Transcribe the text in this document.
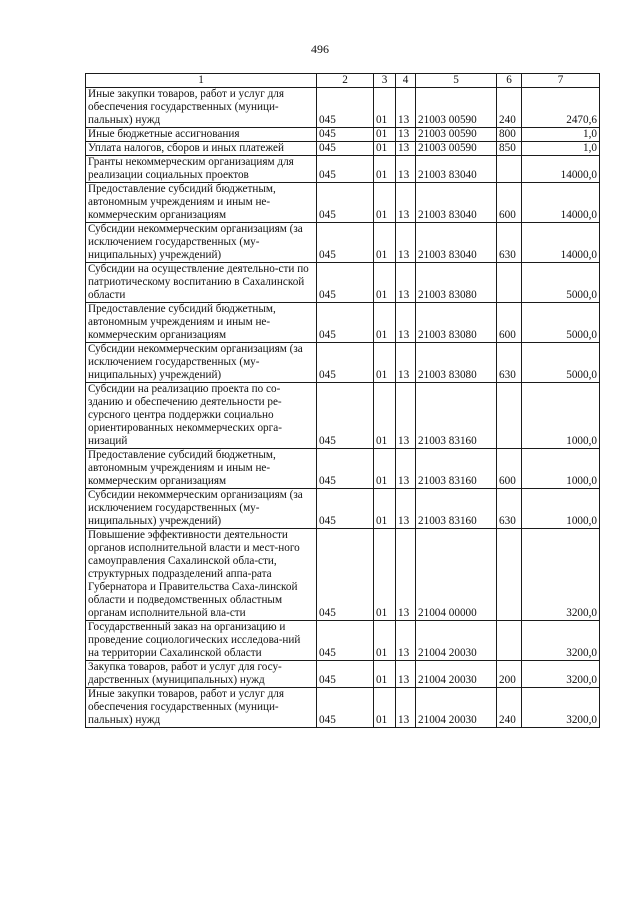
496
1	2	3	4	5	6	7
Иные закупки товаров, работ и услуг для обеспечения государственных (муници-пальных) нужд	045	01	13	21003 00590	240	2470,6
Иные бюджетные ассигнования	045	01	13	21003 00590	800	1,0
Уплата налогов, сборов и иных платежей	045	01	13	21003 00590	850	1,0
Гранты некоммерческим организациям для реализации социальных проектов	045	01	13	21003 83040		14000,0
Предоставление субсидий бюджетным, автономным учреждениям и иным не-коммерческим организациям	045	01	13	21003 83040	600	14000,0
Субсидии некоммерческим организациям (за исключением государственных (му-ниципальных) учреждений)	045	01	13	21003 83040	630	14000,0
Субсидии на осуществление деятельно-сти по патриотическому воспитанию в Сахалинской области	045	01	13	21003 83080		5000,0
Предоставление субсидий бюджетным, автономным учреждениям и иным не-коммерческим организациям	045	01	13	21003 83080	600	5000,0
Субсидии некоммерческим организациям (за исключением государственных (му-ниципальных) учреждений)	045	01	13	21003 83080	630	5000,0
Субсидии на реализацию проекта по со-зданию и обеспечению деятельности ре-сурсного центра поддержки социально ориентированных некоммерческих орга-низаций	045	01	13	21003 83160		1000,0
Предоставление субсидий бюджетным, автономным учреждениям и иным не-коммерческим организациям	045	01	13	21003 83160	600	1000,0
Субсидии некоммерческим организациям (за исключением государственных (му-ниципальных) учреждений)	045	01	13	21003 83160	630	1000,0
Повышение эффективности деятельности органов исполнительной власти и мест-ного самоуправления Сахалинской обла-сти, структурных подразделений аппа-рата Губернатора и Правительства Саха-линской области и подведомственных областным органам исполнительной вла-сти	045	01	13	21004 00000		3200,0
Государственный заказ на организацию и проведение социологических исследова-ний на территории Сахалинской области	045	01	13	21004 20030		3200,0
Закупка товаров, работ и услуг для госу-дарственных (муниципальных) нужд	045	01	13	21004 20030	200	3200,0
Иные закупки товаров, работ и услуг для обеспечения государственных (муници-пальных) нужд	045	01	13	21004 20030	240	3200,0
